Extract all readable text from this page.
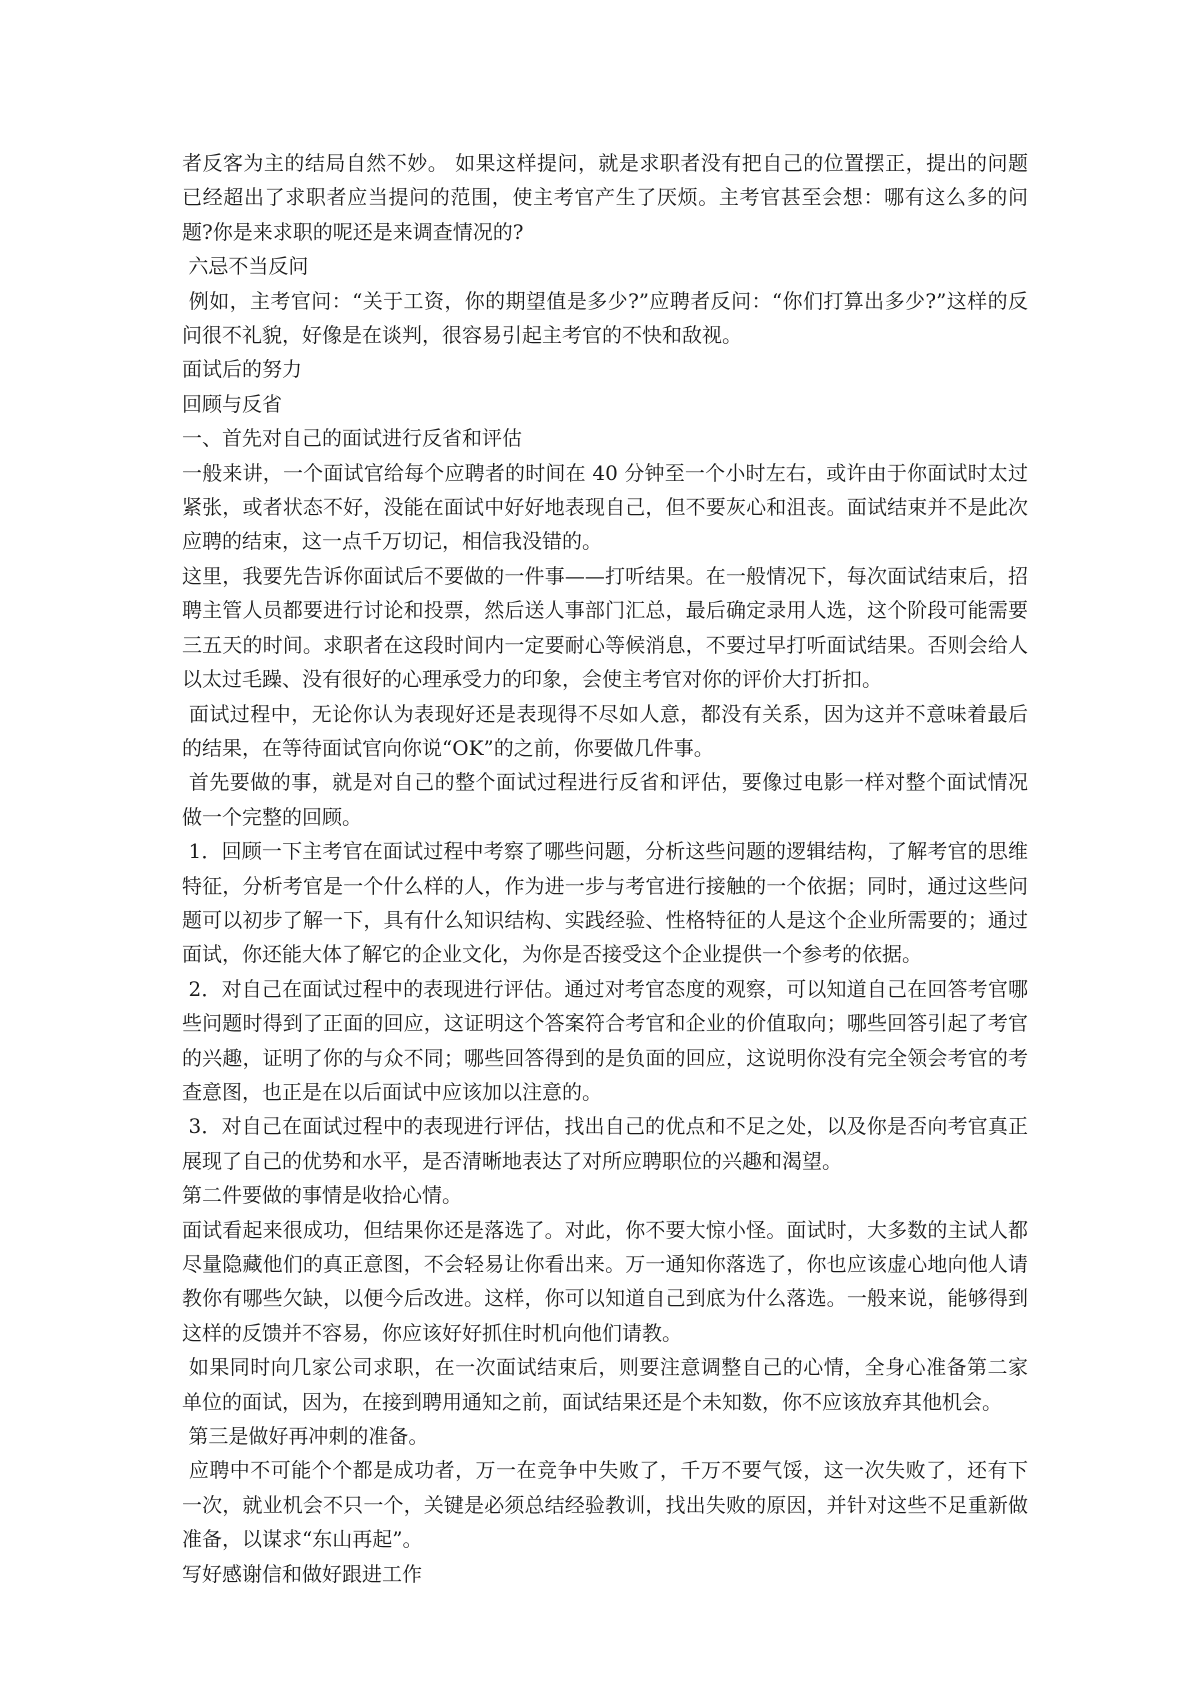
者反客为主的结局自然不妙。 如果这样提问，就是求职者没有把自己的位置摆正，提出的问题已经超出了求职者应当提问的范围，使主考官产生了厌烦。主考官甚至会想：哪有这么多的问题?你是来求职的呢还是来调查情况的?

六忌不当反问

例如，主考官问：“关于工资，你的期望值是多少?”应聘者反问：“你们打算出多少?”这样的反问很不礼貌，好像是在谈判，很容易引起主考官的不快和敌视。

面试后的努力

回顾与反省

一、首先对自己的面试进行反省和评估

一般来讲，一个面试官给每个应聘者的时间在 40 分钟至一个小时左右，或许由于你面试时太过紧张，或者状态不好，没能在面试中好好地表现自己，但不要灰心和沮丧。面试结束并不是此次应聘的结束，这一点千万切记，相信我没错的。

这里，我要先告诉你面试后不要做的一件事——打听结果。在一般情况下，每次面试结束后，招聘主管人员都要进行讨论和投票，然后送人事部门汇总，最后确定录用人选，这个阶段可能需要三五天的时间。求职者在这段时间内一定要耐心等候消息，不要过早打听面试结果。否则会给人以太过毛躁、没有很好的心理承受力的印象，会使主考官对你的评价大打折扣。

面试过程中，无论你认为表现好还是表现得不尽如人意，都没有关系，因为这并不意味着最后的结果，在等待面试官向你说“OK”的之前，你要做几件事。

首先要做的事，就是对自己的整个面试过程进行反省和评估，要像过电影一样对整个面试情况做一个完整的回顾。

1．回顾一下主考官在面试过程中考察了哪些问题，分析这些问题的逻辑结构，了解考官的思维特征，分析考官是一个什么样的人，作为进一步与考官进行接触的一个依据；同时，通过这些问题可以初步了解一下，具有什么知识结构、实践经验、性格特征的人是这个企业所需要的；通过面试，你还能大体了解它的企业文化，为你是否接受这个企业提供一个参考的依据。

2．对自己在面试过程中的表现进行评估。通过对考官态度的观察，可以知道自己在回答考官哪些问题时得到了正面的回应，这证明这个答案符合考官和企业的价值取向；哪些回答引起了考官的兴趣，证明了你的与众不同；哪些回答得到的是负面的回应，这说明你没有完全领会考官的考查意图，也正是在以后面试中应该加以注意的。

3．对自己在面试过程中的表现进行评估，找出自己的优点和不足之处，以及你是否向考官真正展现了自己的优势和水平，是否清晰地表达了对所应聘职位的兴趣和渴望。

第二件要做的事情是收拾心情。

面试看起来很成功，但结果你还是落选了。对此，你不要大惊小怪。面试时，大多数的主试人都尽量隐藏他们的真正意图，不会轻易让你看出来。万一通知你落选了，你也应该虚心地向他人请教你有哪些欠缺，以便今后改进。这样，你可以知道自己到底为什么落选。一般来说，能够得到这样的反馈并不容易，你应该好好抓住时机向他们请教。

如果同时向几家公司求职，在一次面试结束后，则要注意调整自己的心情，全身心准备第二家单位的面试，因为，在接到聘用通知之前，面试结果还是个未知数，你不应该放弃其他机会。

第三是做好再冲刺的准备。

应聘中不可能个个都是成功者，万一在竞争中失败了，千万不要气馁，这一次失败了，还有下一次，就业机会不只一个，关键是必须总结经验教训，找出失败的原因，并针对这些不足重新做准备，以谋求“东山再起”。

写好感谢信和做好跟进工作
